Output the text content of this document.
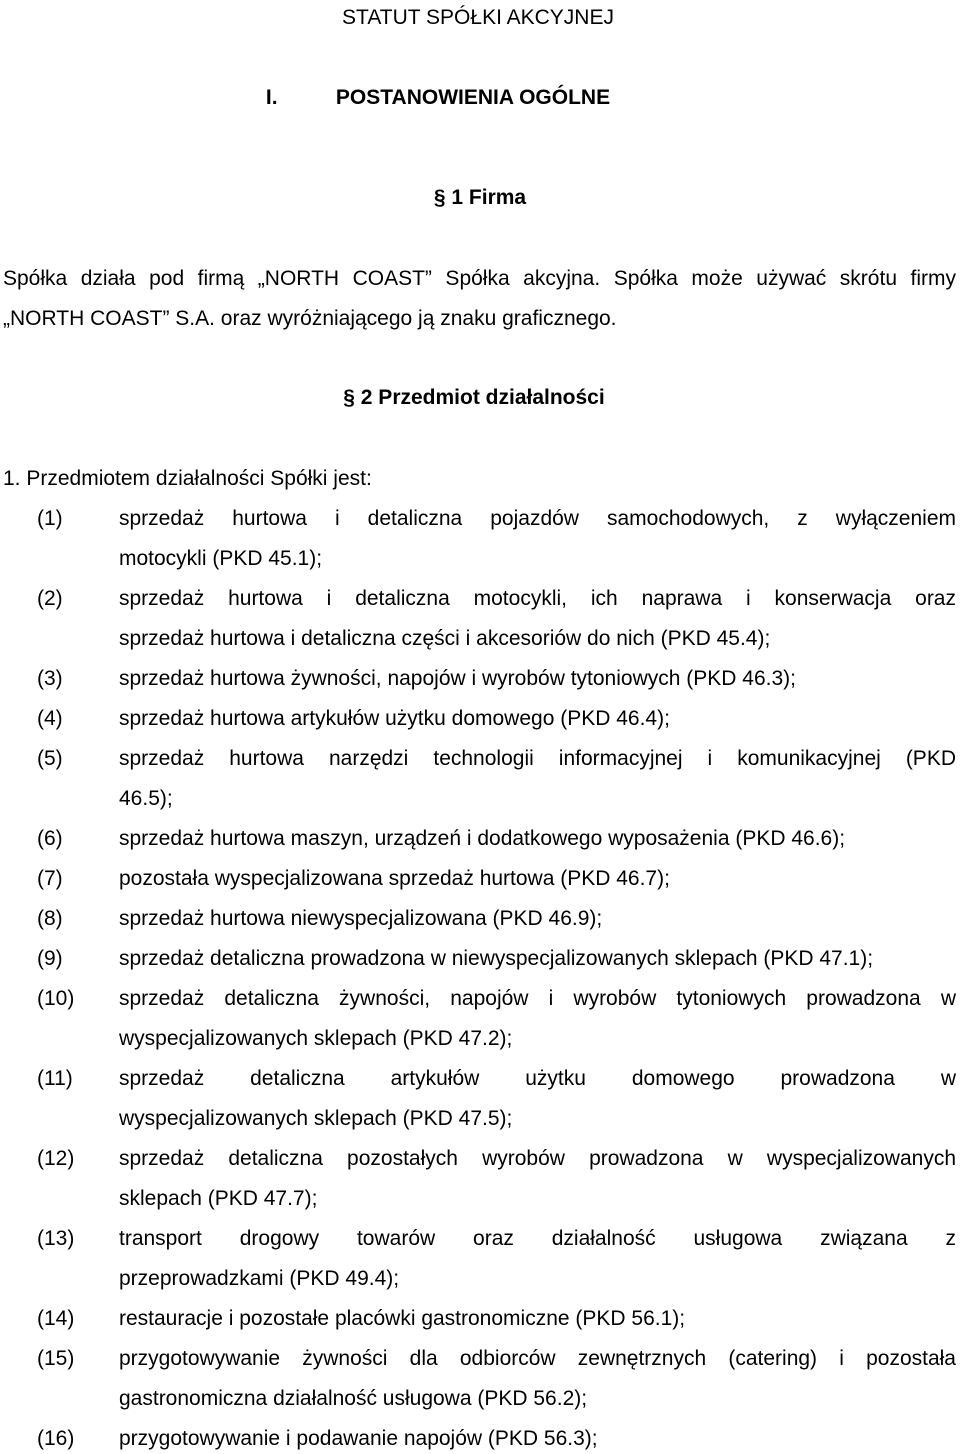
STATUT SPÓŁKI AKCYJNEJ
I.	POSTANOWIENIA OGÓLNE
§ 1 Firma
Spółka działa pod firmą „NORTH COAST” Spółka akcyjna. Spółka może używać skrótu firmy
„NORTH COAST” S.A. oraz wyróżniającego ją znaku graficznego.
§ 2 Przedmiot działalności
1. Przedmiotem działalności Spółki jest:
(1)	sprzedaż hurtowa i detaliczna pojazdów samochodowych, z wyłączeniem
motocykli (PKD 45.1);
(2)	sprzedaż hurtowa i detaliczna motocykli, ich naprawa i konserwacja oraz
sprzedaż hurtowa i detaliczna części i akcesoriów do nich (PKD 45.4);
(3)	sprzedaż hurtowa żywności, napojów i wyrobów tytoniowych (PKD 46.3);
(4)	sprzedaż hurtowa artykułów użytku domowego (PKD 46.4);
(5)	sprzedaż hurtowa narzędzi technologii informacyjnej i komunikacyjnej (PKD
46.5);
(6)	sprzedaż hurtowa maszyn, urządzeń i dodatkowego wyposażenia (PKD 46.6);
(7)	pozostała wyspecjalizowana sprzedaż hurtowa (PKD 46.7);
(8)	sprzedaż hurtowa niewyspecjalizowana (PKD 46.9);
(9)	sprzedaż detaliczna prowadzona w niewyspecjalizowanych sklepach (PKD 47.1);
(10) sprzedaż detaliczna żywności, napojów i wyrobów tytoniowych prowadzona w
wyspecjalizowanych sklepach (PKD 47.2);
(11) sprzedaż detaliczna artykułów użytku domowego prowadzona w
wyspecjalizowanych sklepach (PKD 47.5);
(12) sprzedaż detaliczna pozostałych wyrobów prowadzona w wyspecjalizowanych
sklepach (PKD 47.7);
(13) transport drogowy towarów oraz działalność usługowa związana z
przeprowadzkami (PKD 49.4);
(14) restauracje i pozostałe placówki gastronomiczne (PKD 56.1);
(15) przygotowywanie żywności dla odbiorców zewnętrznych (catering) i pozostała
gastronomiczna działalność usługowa (PKD 56.2);
(16) przygotowywanie i podawanie napojów (PKD 56.3);
